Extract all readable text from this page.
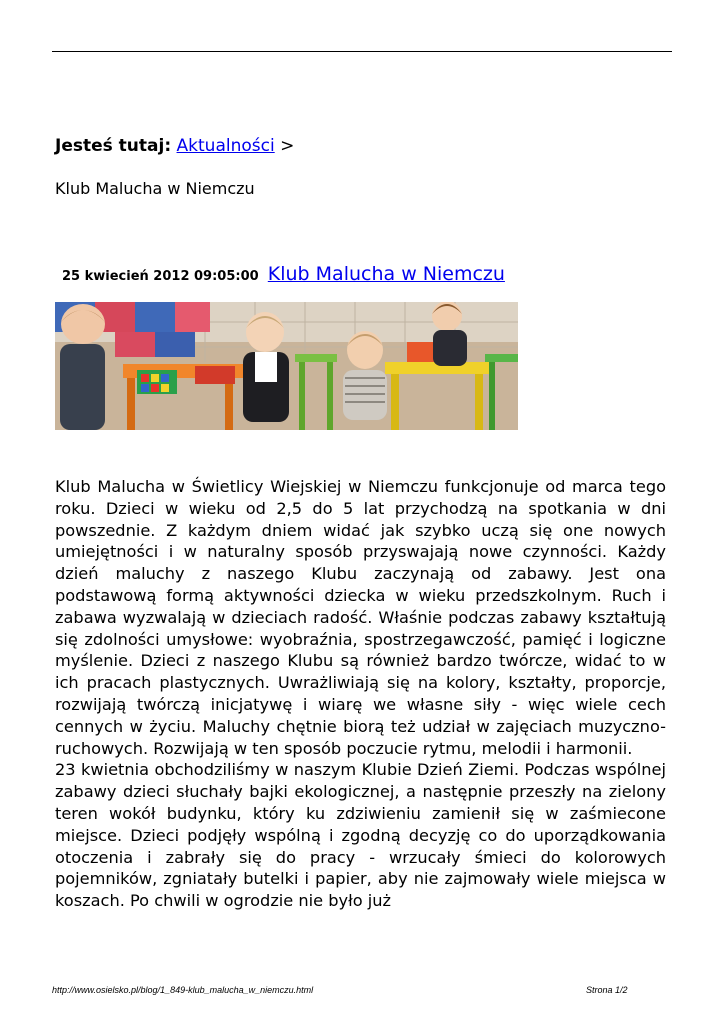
Jesteś tutaj: Aktualności >
Klub Malucha w Niemczu
25 kwiecień 2012 09:05:00 Klub Malucha w Niemczu

Klub Malucha w Świetlicy Wiejskiej w Niemczu funkcjonuje od marca tego roku. Dzieci w wieku od 2,5 do 5 lat przychodzą na spotkania w dni powszednie. Z każdym dniem widać jak szybko uczą się one nowych umiejętności i w naturalny sposób przyswajają nowe czynności. Każdy dzień maluchy z naszego Klubu zaczynają od zabawy. Jest ona podstawową formą aktywności dziecka w wieku przedszkolnym. Ruch i zabawa wyzwalają w dzieciach radość. Właśnie podczas zabawy kształtują się zdolności umysłowe: wyobraźnia, spostrzegawczość, pamięć i logiczne myślenie. Dzieci z naszego Klubu są również bardzo twórcze, widać to w ich pracach plastycznych. Uwrażliwiają się na kolory, kształty, proporcje, rozwijają twórczą inicjatywę i wiarę we własne siły - więc wiele cech cennych w życiu. Maluchy chętnie biorą też udział w zajęciach muzyczno-ruchowych. Rozwijają w ten sposób poczucie rytmu, melodii i harmonii.

23 kwietnia obchodziliśmy w naszym Klubie Dzień Ziemi. Podczas wspólnej zabawy dzieci słuchały bajki ekologicznej, a następnie przeszły na zielony teren wokół budynku, który ku zdziwieniu zamienił się w zaśmiecone miejsce. Dzieci podjęły wspólną i zgodną decyzję co do uporządkowania otoczenia i zabrały się do pracy - wrzucały śmieci do kolorowych pojemników, zgniatały butelki i papier, aby nie zajmowały wiele miejsca w koszach. Po chwili w ogrodzie nie było już

http://www.osielsko.pl/blog/1_849-klub_malucha_w_niemczu.html	Strona 1/2
